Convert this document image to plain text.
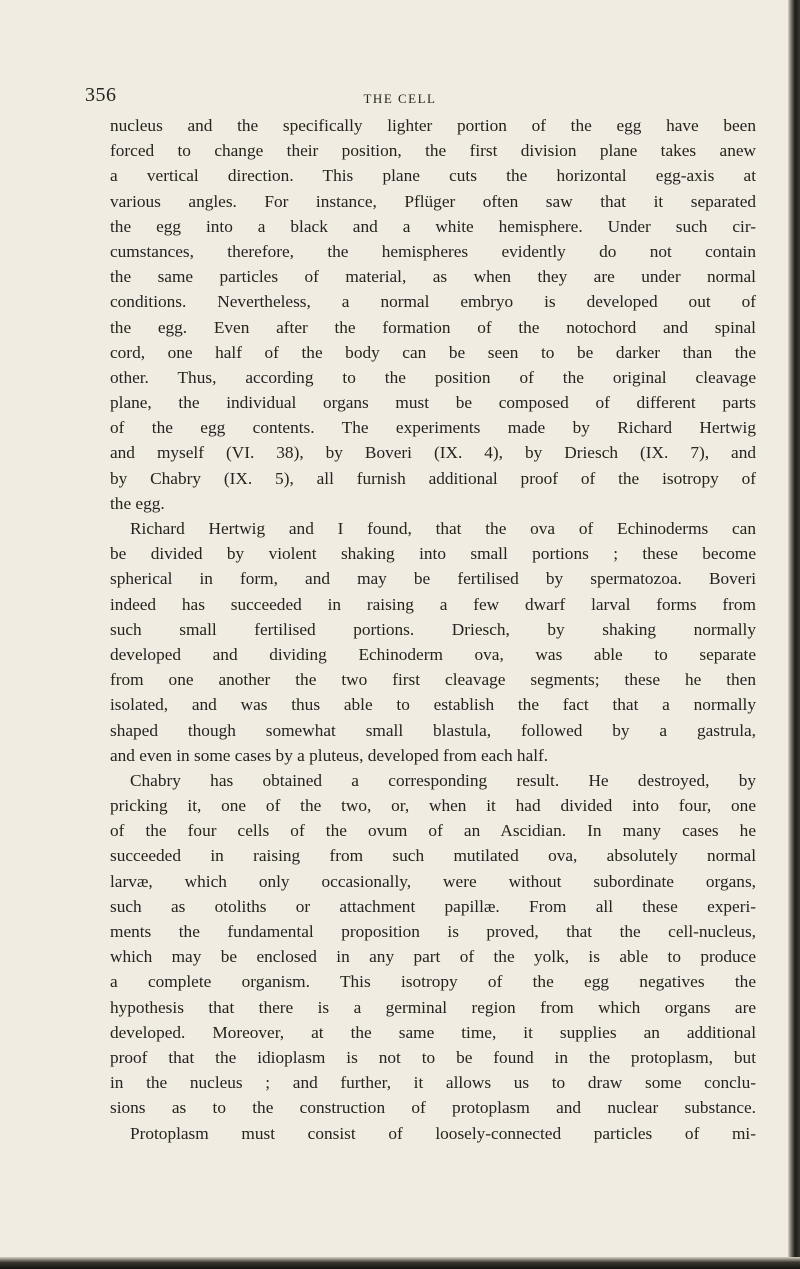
356	THE CELL
nucleus and the specifically lighter portion of the egg have been
forced to change their position, the first division plane takes anew
a vertical direction. This plane cuts the horizontal egg-axis at
various angles. For instance, Pflüger often saw that it separated
the egg into a black and a white hemisphere. Under such cir-
cumstances, therefore, the hemispheres evidently do not contain
the same particles of material, as when they are under normal
conditions. Nevertheless, a normal embryo is developed out of
the egg. Even after the formation of the notochord and spinal
cord, one half of the body can be seen to be darker than the
other. Thus, according to the position of the original cleavage
plane, the individual organs must be composed of different parts
of the egg contents. The experiments made by Richard Hertwig
and myself (VI. 38), by Boveri (IX. 4), by Driesch (IX. 7), and
by Chabry (IX. 5), all furnish additional proof of the isotropy of
the egg.
Richard Hertwig and I found, that the ova of Echinoderms can
be divided by violent shaking into small portions ; these become
spherical in form, and may be fertilised by spermatozoa. Boveri
indeed has succeeded in raising a few dwarf larval forms from
such small fertilised portions. Driesch, by shaking normally
developed and dividing Echinoderm ova, was able to separate
from one another the two first cleavage segments; these he then
isolated, and was thus able to establish the fact that a normally
shaped though somewhat small blastula, followed by a gastrula,
and even in some cases by a pluteus, developed from each half.
Chabry has obtained a corresponding result. He destroyed, by
pricking it, one of the two, or, when it had divided into four, one
of the four cells of the ovum of an Ascidian. In many cases he
succeeded in raising from such mutilated ova, absolutely normal
larvæ, which only occasionally, were without subordinate organs,
such as otoliths or attachment papillæ. From all these experi-
ments the fundamental proposition is proved, that the cell-nucleus,
which may be enclosed in any part of the yolk, is able to produce
a complete organism. This isotropy of the egg negatives the
hypothesis that there is a germinal region from which organs are
developed. Moreover, at the same time, it supplies an additional
proof that the idioplasm is not to be found in the protoplasm, but
in the nucleus ; and further, it allows us to draw some conclu-
sions as to the construction of protoplasm and nuclear substance.
Protoplasm must consist of loosely-connected particles of mi-
